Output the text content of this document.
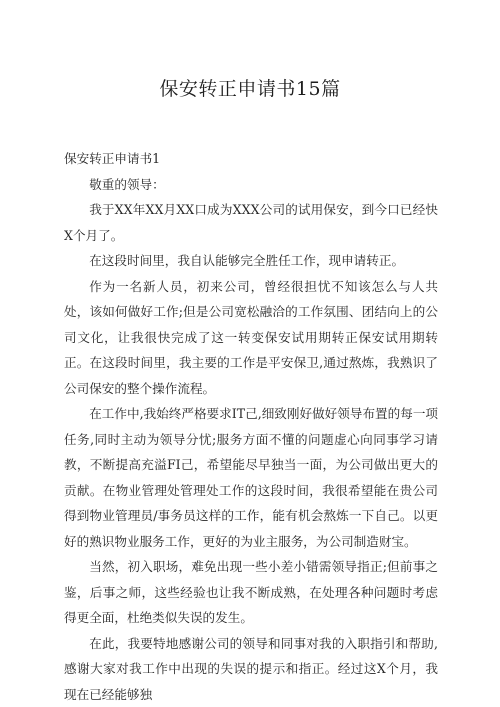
保安转正申请书15篇

保安转正申请书1

敬重的领导：

我于XX年XX月XX口成为XXX公司的试用保安，到今口已经快X个月了。

在这段时间里，我自认能够完全胜任工作，现申请转正。

作为一名新人员，初来公司，曾经很担忧不知该怎么与人共处，该如何做好工作;但是公司宽松融洽的工作氛围、团结向上的公司文化，让我很快完成了这一转变保安试用期转正保安试用期转正。在这段时间里，我主要的工作是平安保卫,通过熬炼，我熟识了公司保安的整个操作流程。

在工作中,我始终严格要求IT己,细致刚好做好领导布置的每一项任务,同时主动为领导分忧;服务方面不懂的问题虚心向同事学习请教，不断提高充溢FI己，希望能尽早独当一面，为公司做出更大的贡献。在物业管理处管理处工作的这段时间，我很希望能在贵公司得到物业管理员/事务员这样的工作，能有机会熬炼一下自己。以更好的熟识物业服务工作，更好的为业主服务，为公司制造财宝。

当然，初入职场，难免出现一些小差小错需领导指正;但前事之鉴，后事之师，这些经验也让我不断成熟，在处理各种问题时考虑得更全面，杜绝类似失误的发生。

在此，我要特地感谢公司的领导和同事对我的入职指引和帮助,感谢大家对我工作中出现的失误的提示和指正。经过这X个月，我现在已经能够独
